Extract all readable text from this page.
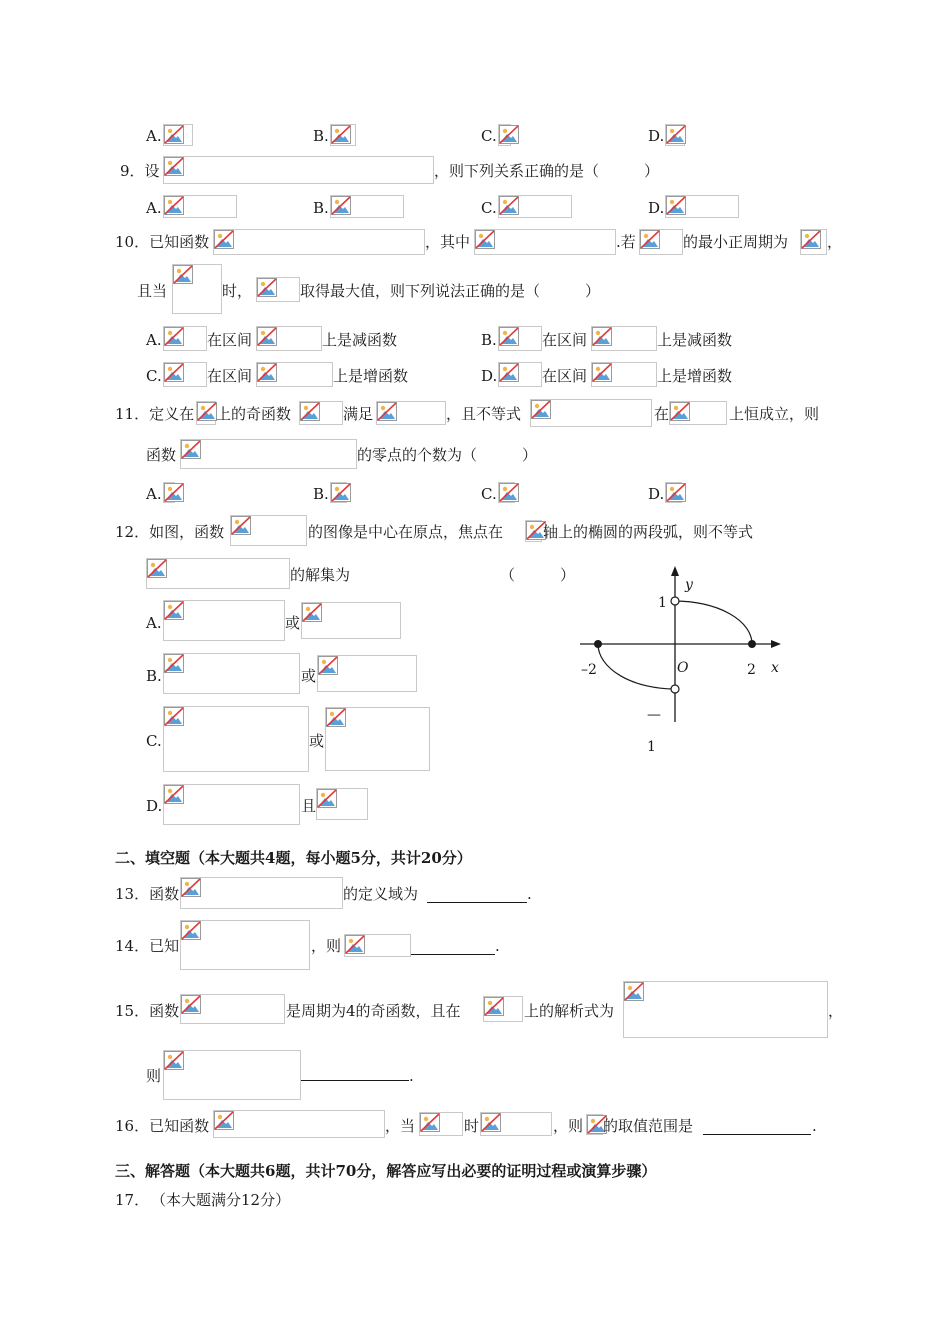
A.	B.	C.	D.
9．设	，则下列关系正确的是（　　　）
A.	B.	C.	D.
10．已知函数	，其中	.若	的最小正周期为	，
且当	时，	取得最大值，则下列说法正确的是（　　　）
A.	在区间	上是减函数	B.	在区间	上是减函数
C.	在区间	上是增函数	D.	在区间	上是增函数
11．定义在 上的奇函数	满足	，且不等式	在	上恒成立，则
函数	的零点的个数为（　　　）
A.	B.	C.	D.
12．如图，函数	的图像是中心在原点，焦点在	轴上的椭圆的两段弧，则不等式
的解集为	（　　　）
A.	或
B.	或
C.	或
D.	且
y
x
O
1
–2	2
—
1
二、填空题（本大题共4题，每小题5分，共计20分）
13．函数	的定义域为	.
14．已知	，则	.
15．函数	是周期为4的奇函数，且在	上的解析式为	，
则	.
16．已知函数	，当	时	，则 的取值范围是	.
三、解答题（本大题共6题，共计70分，解答应写出必要的证明过程或演算步骤）
17． （本大题满分12分）
